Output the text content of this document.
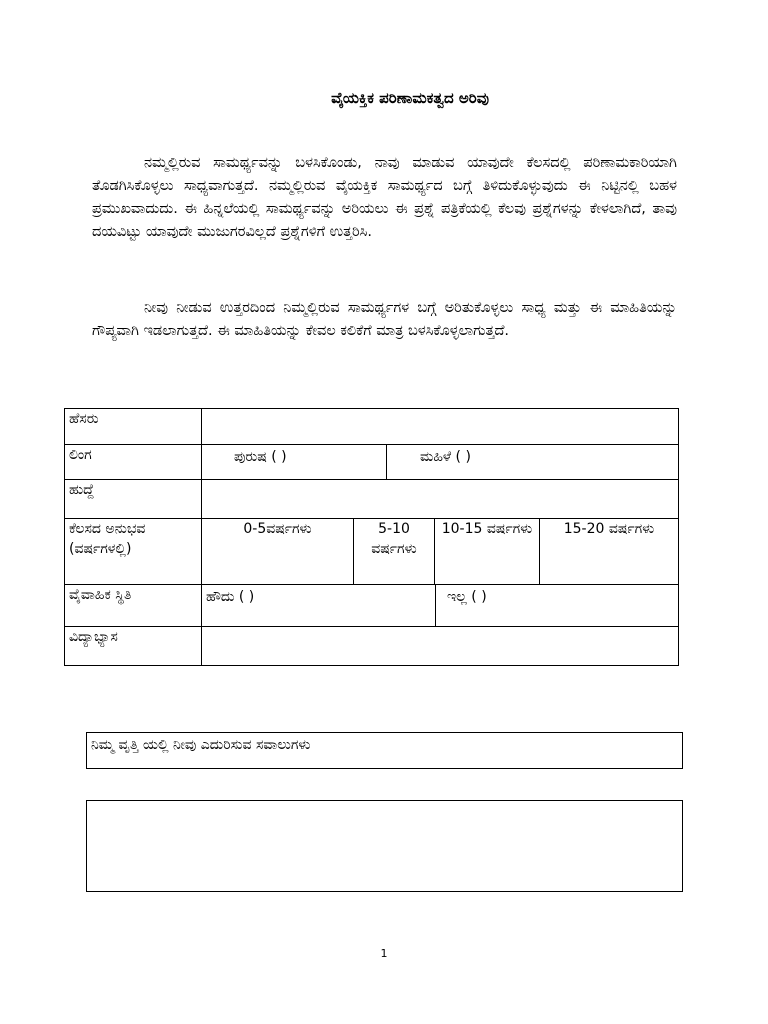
ವೈಯಕ್ತಿಕ ಪರಿಣಾಮಕತ್ವದ ಅರಿವು

ನಮ್ಮಲ್ಲಿರುವ ಸಾಮರ್ಥ್ಯವನ್ನು ಬಳಸಿಕೊಂಡು, ನಾವು ಮಾಡುವ ಯಾವುದೇ ಕೆಲಸದಲ್ಲಿ ಪರಿಣಾಮಕಾರಿಯಾಗಿ ತೊಡಗಿಸಿಕೊಳ್ಳಲು ಸಾಧ್ಯವಾಗುತ್ತದೆ. ನಮ್ಮಲ್ಲಿರುವ ವೈಯಕ್ತಿಕ ಸಾಮರ್ಥ್ಯದ ಬಗ್ಗೆ ತಿಳಿದುಕೊಳ್ಳುವುದು ಈ ನಿಟ್ಟಿನಲ್ಲಿ ಬಹಳ ಪ್ರಮುಖವಾದುದು. ಈ ಹಿನ್ನಲೆಯಲ್ಲಿ ಸಾಮರ್ಥ್ಯವನ್ನು ಅರಿಯಲು ಈ ಪ್ರಶ್ನೆ ಪತ್ರಿಕೆಯಲ್ಲಿ ಕೆಲವು ಪ್ರಶ್ನೆಗಳನ್ನು ಕೇಳಲಾಗಿದೆ, ತಾವು ದಯವಿಟ್ಟು ಯಾವುದೇ ಮುಜುಗರವಿಲ್ಲದೆ ಪ್ರಶ್ನೆಗಳಿಗೆ ಉತ್ತರಿಸಿ.

ನೀವು ನೀಡುವ ಉತ್ತರದಿಂದ ನಿಮ್ಮಲ್ಲಿರುವ ಸಾಮರ್ಥ್ಯಗಳ ಬಗ್ಗೆ ಅರಿತುಕೊಳ್ಳಲು ಸಾಧ್ಯ ಮತ್ತು ಈ ಮಾಹಿತಿಯನ್ನು ಗೌಪ್ಯವಾಗಿ ಇಡಲಾಗುತ್ತದೆ. ಈ ಮಾಹಿತಿಯನ್ನು ಕೇವಲ ಕಲಿಕೆಗೆ ಮಾತ್ರ ಬಳಸಿಕೊಳ್ಳಲಾಗುತ್ತದೆ.

ಹೆಸರು				
ಲಿಂಗ	ಪುರುಷ ( ) ಮಹಿಳೆ ( )			

ಹುದ್ದೆ				
ಕೆಲಸದ ಅನುಭವ (ವರ್ಷಗಳಲ್ಲಿ)	0-5ವರ್ಷಗಳು	5-10 ವರ್ಷಗಳು	10-15 ವರ್ಷಗಳು	15-20 ವರ್ಷಗಳು
ವೈವಾಹಿಕ ಸ್ಥಿತಿ	ಹೌದು ( ) ಇಲ್ಲ ( )			

ವಿದ್ಯಾಭ್ಯಾಸ				
ನಿಮ್ಮ ವೃತ್ತಿ ಯಲ್ಲಿ ನೀವು ಎದುರಿಸುವ ಸವಾಲುಗಳು
1
